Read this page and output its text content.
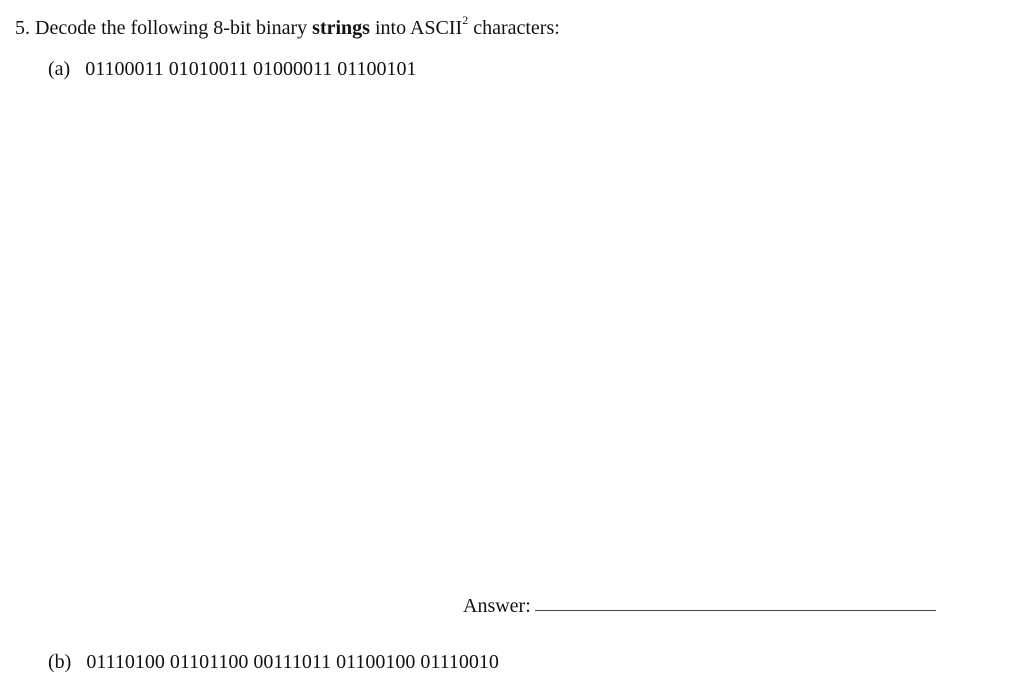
5. Decode the following 8-bit binary strings into ASCII$^2$ characters:
(a) 01100011 01010011 01000011 01100101
Answer:
(b) 01110100 01101100 00111011 01100100 01110010
